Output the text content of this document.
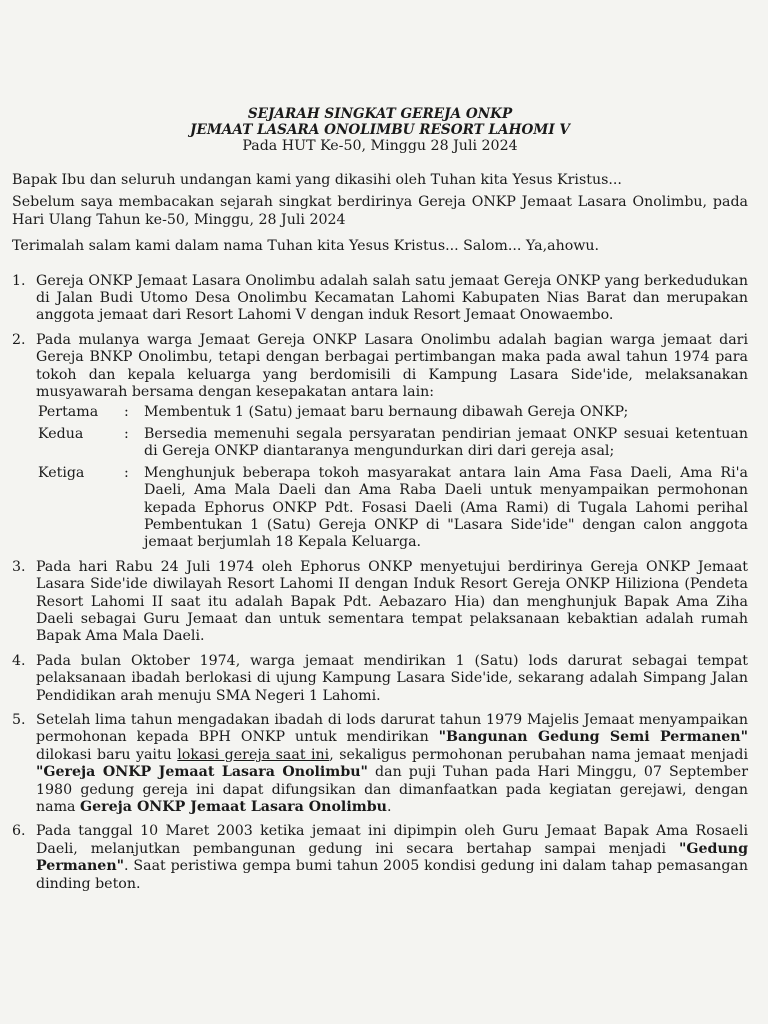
SEJARAH SINGKAT GEREJA ONKP
JEMAAT LASARA ONOLIMBU RESORT LAHOMI V
Pada HUT Ke-50, Minggu 28 Juli 2024

Bapak Ibu dan seluruh undangan kami yang dikasihi oleh Tuhan kita Yesus Kristus...

Sebelum saya membacakan sejarah singkat berdirinya Gereja ONKP Jemaat Lasara Onolimbu, pada Hari Ulang Tahun ke-50, Minggu, 28 Juli 2024

Terimalah salam kami dalam nama Tuhan kita Yesus Kristus... Salom... Ya,ahowu.

1. Gereja ONKP Jemaat Lasara Onolimbu adalah salah satu jemaat Gereja ONKP yang berkedudukan di Jalan Budi Utomo Desa Onolimbu Kecamatan Lahomi Kabupaten Nias Barat dan merupakan anggota jemaat dari Resort Lahomi V dengan induk Resort Jemaat Onowaembo.
2. Pada mulanya warga Jemaat Gereja ONKP Lasara Onolimbu adalah bagian warga jemaat dari Gereja BNKP Onolimbu, tetapi dengan berbagai pertimbangan maka pada awal tahun 1974 para tokoh dan kepala keluarga yang berdomisili di Kampung Lasara Side'ide, melaksanakan musyawarah bersama dengan kesepakatan antara lain:
Pertama	:	Membentuk 1 (Satu) jemaat baru bernaung dibawah Gereja ONKP;
Kedua	:	Bersedia memenuhi segala persyaratan pendirian jemaat ONKP sesuai ketentuan di Gereja ONKP diantaranya mengundurkan diri dari gereja asal;
Ketiga	:	Menghunjuk beberapa tokoh masyarakat antara lain Ama Fasa Daeli, Ama Ri'a Daeli, Ama Mala Daeli dan Ama Raba Daeli untuk menyampaikan permohonan kepada Ephorus ONKP Pdt. Fosasi Daeli (Ama Rami) di Tugala Lahomi perihal Pembentukan 1 (Satu) Gereja ONKP di "Lasara Side'ide" dengan calon anggota jemaat berjumlah 18 Kepala Keluarga.
3. Pada hari Rabu 24 Juli 1974 oleh Ephorus ONKP menyetujui berdirinya Gereja ONKP Jemaat Lasara Side'ide diwilayah Resort Lahomi II dengan Induk Resort Gereja ONKP Hiliziona (Pendeta Resort Lahomi II saat itu adalah Bapak Pdt. Aebazaro Hia) dan menghunjuk Bapak Ama Ziha Daeli sebagai Guru Jemaat dan untuk sementara tempat pelaksanaan kebaktian adalah rumah Bapak Ama Mala Daeli.
4. Pada bulan Oktober 1974, warga jemaat mendirikan 1 (Satu) lods darurat sebagai tempat pelaksanaan ibadah berlokasi di ujung Kampung Lasara Side'ide, sekarang adalah Simpang Jalan Pendidikan arah menuju SMA Negeri 1 Lahomi.
5. Setelah lima tahun mengadakan ibadah di lods darurat tahun 1979 Majelis Jemaat menyampaikan permohonan kepada BPH ONKP untuk mendirikan "Bangunan Gedung Semi Permanen" dilokasi baru yaitu lokasi gereja saat ini, sekaligus permohonan perubahan nama jemaat menjadi "Gereja ONKP Jemaat Lasara Onolimbu" dan puji Tuhan pada Hari Minggu, 07 September 1980 gedung gereja ini dapat difungsikan dan dimanfaatkan pada kegiatan gerejawi, dengan nama Gereja ONKP Jemaat Lasara Onolimbu.
6. Pada tanggal 10 Maret 2003 ketika jemaat ini dipimpin oleh Guru Jemaat Bapak Ama Rosaeli Daeli, melanjutkan pembangunan gedung ini secara bertahap sampai menjadi "Gedung Permanen". Saat peristiwa gempa bumi tahun 2005 kondisi gedung ini dalam tahap pemasangan dinding beton.
